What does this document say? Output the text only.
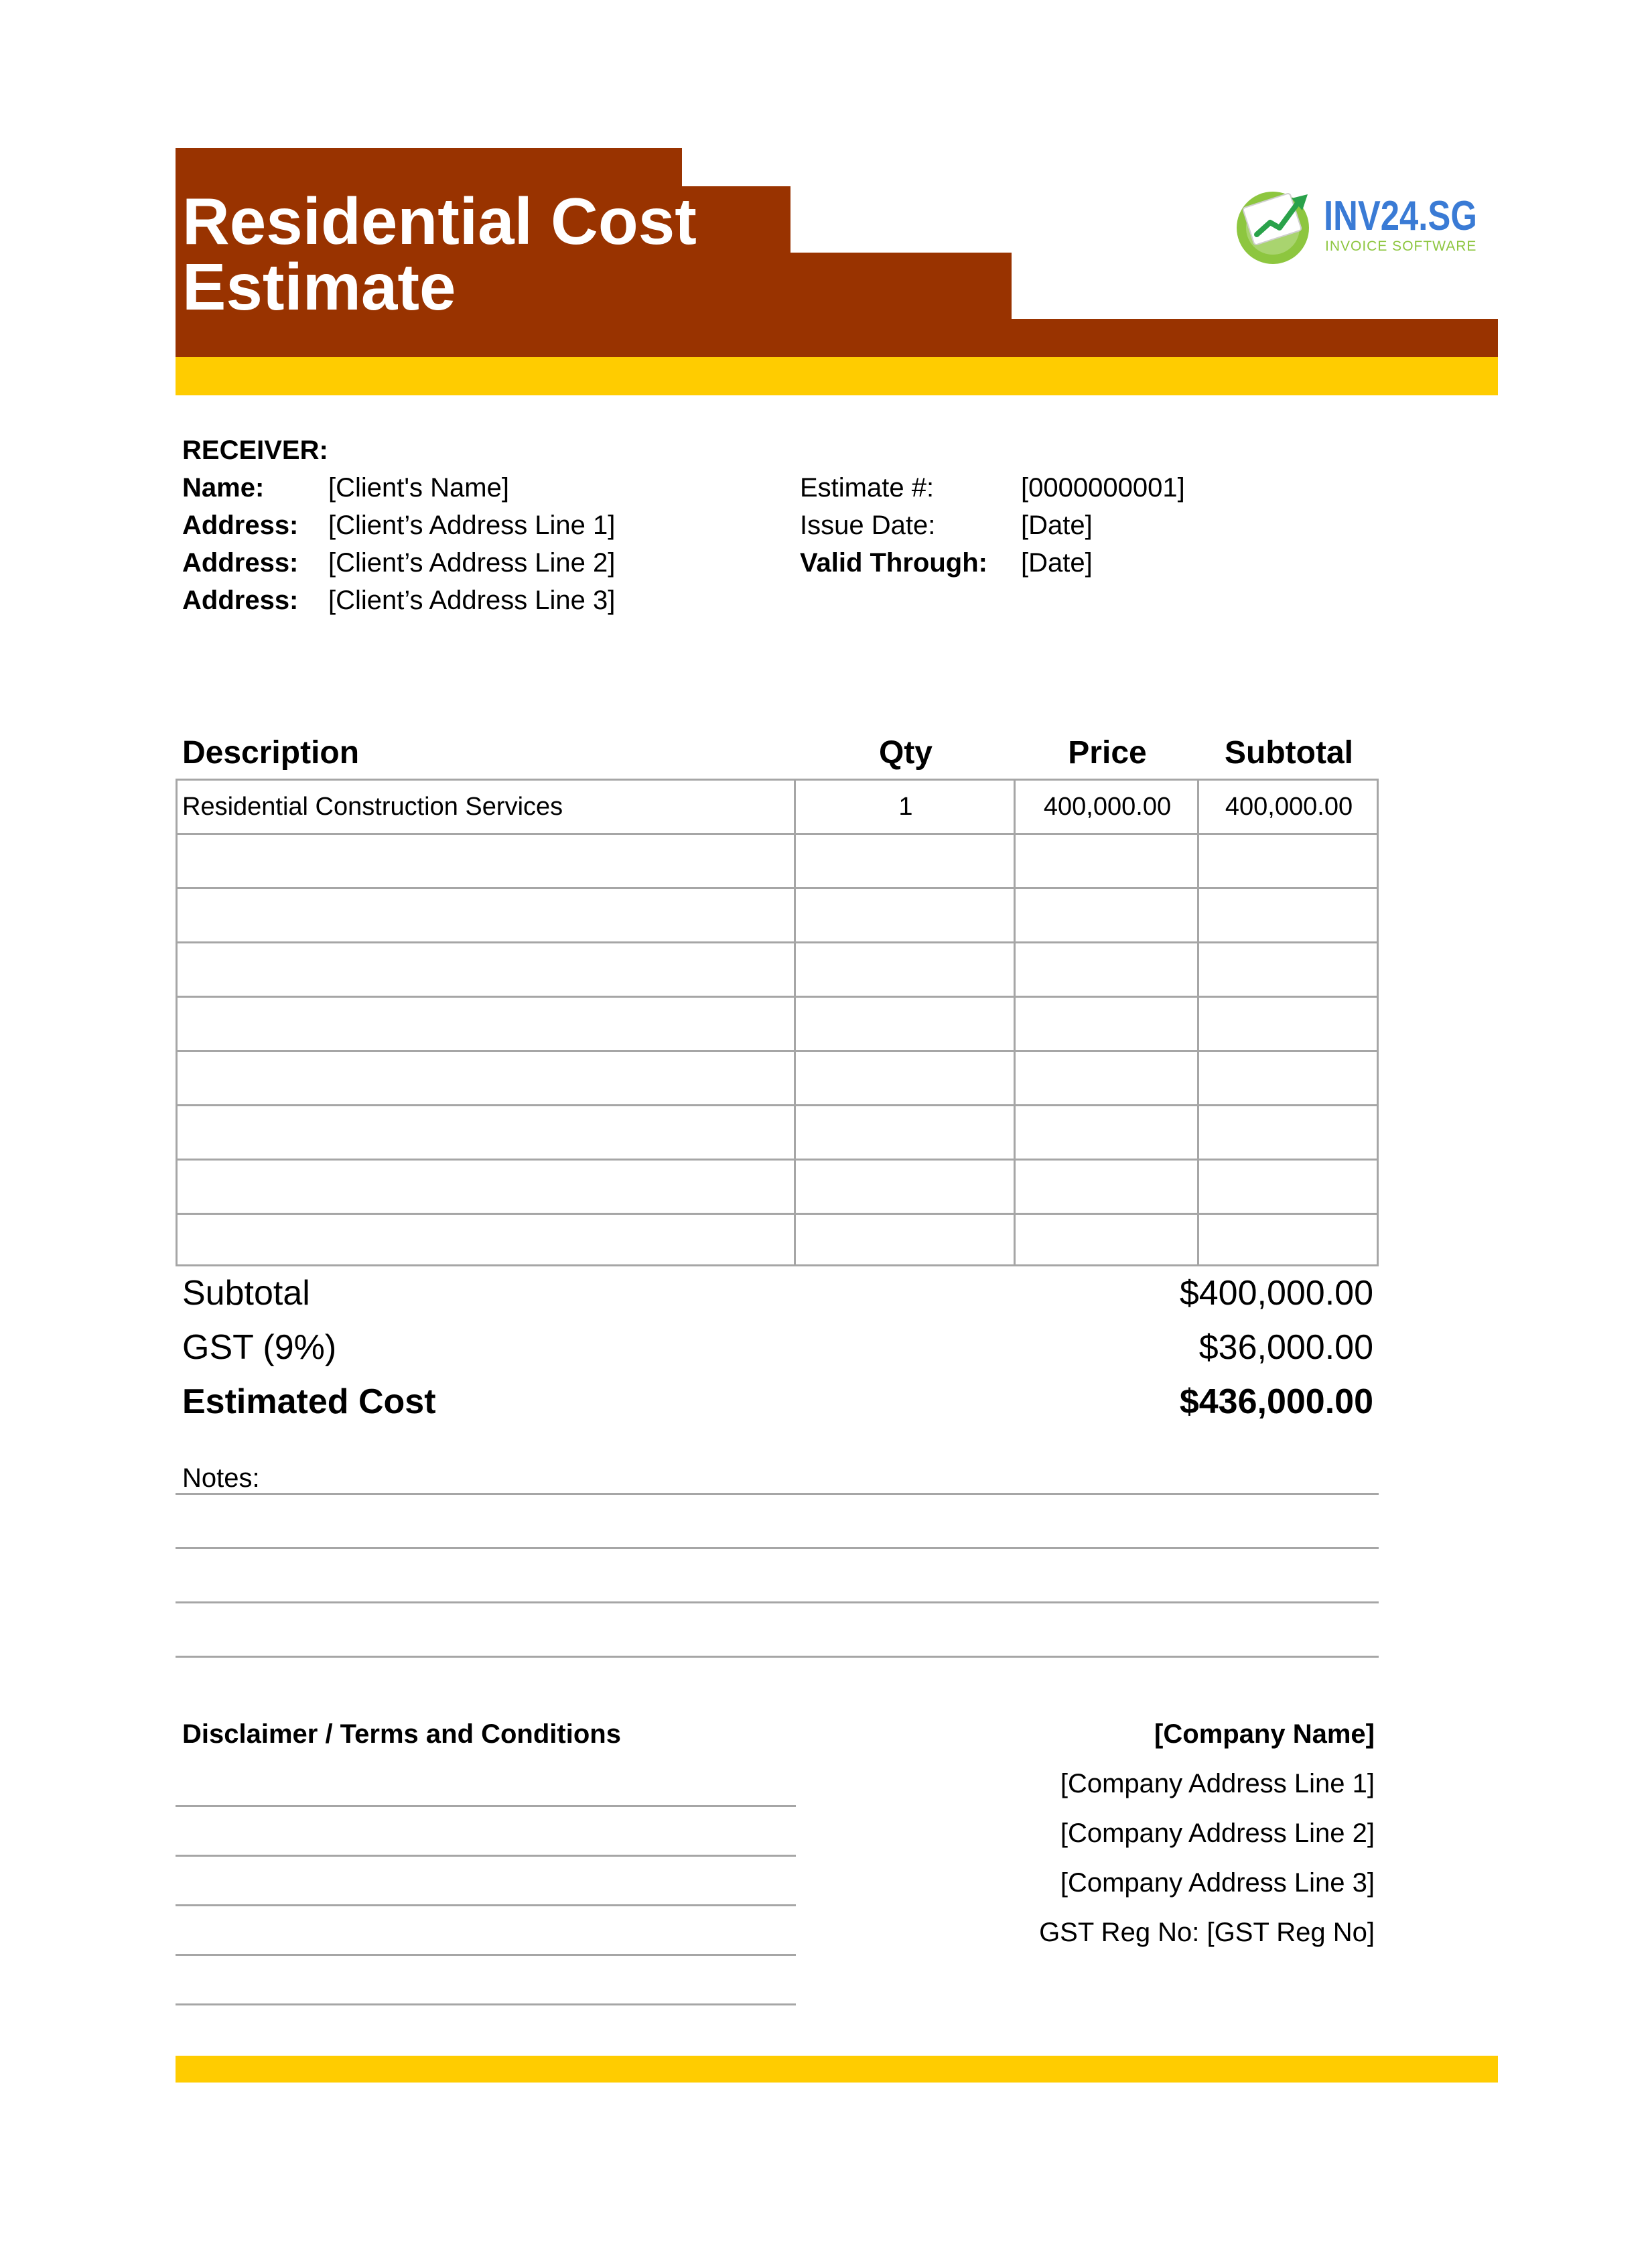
Residential Cost
Estimate
INV24.SG
INVOICE SOFTWARE
RECEIVER:
Name: [Client's Name]
Address: [Client’s Address Line 1]
Address: [Client’s Address Line 2]
Address: [Client’s Address Line 3]
Estimate #:	[0000000001]
Issue Date:	[Date]
Valid Through: [Date]
Description	Qty	Price	Subtotal
Residential Construction Services	1	400,000.00	400,000.00
Subtotal	$400,000.00
GST (9%)	$36,000.00
Estimated Cost	$436,000.00
Notes:
Disclaimer / Terms and Conditions	[Company Name]
[Company Address Line 1]
[Company Address Line 2]
[Company Address Line 3]
GST Reg No: [GST Reg No]
